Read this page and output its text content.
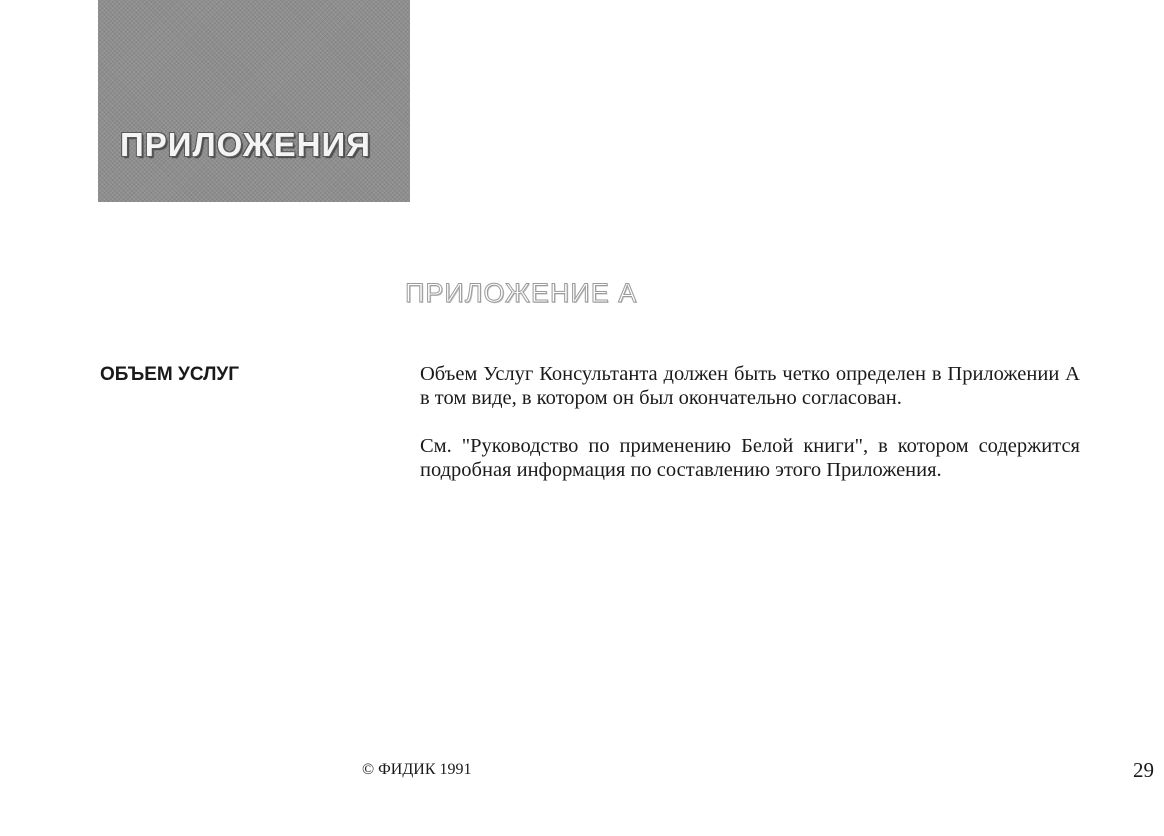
ПРИЛОЖЕНИЯ
ПРИЛОЖЕНИЕ А
ОБЪЕМ УСЛУГ	Объем Услуг Консультанта должен быть четко определен в Приложении А в том виде, в котором он был окончательно согласован.

См. "Руководство по применению Белой книги", в котором содержится подробная информация по составлению этого Приложения.

© ФИДИК 1991	29
